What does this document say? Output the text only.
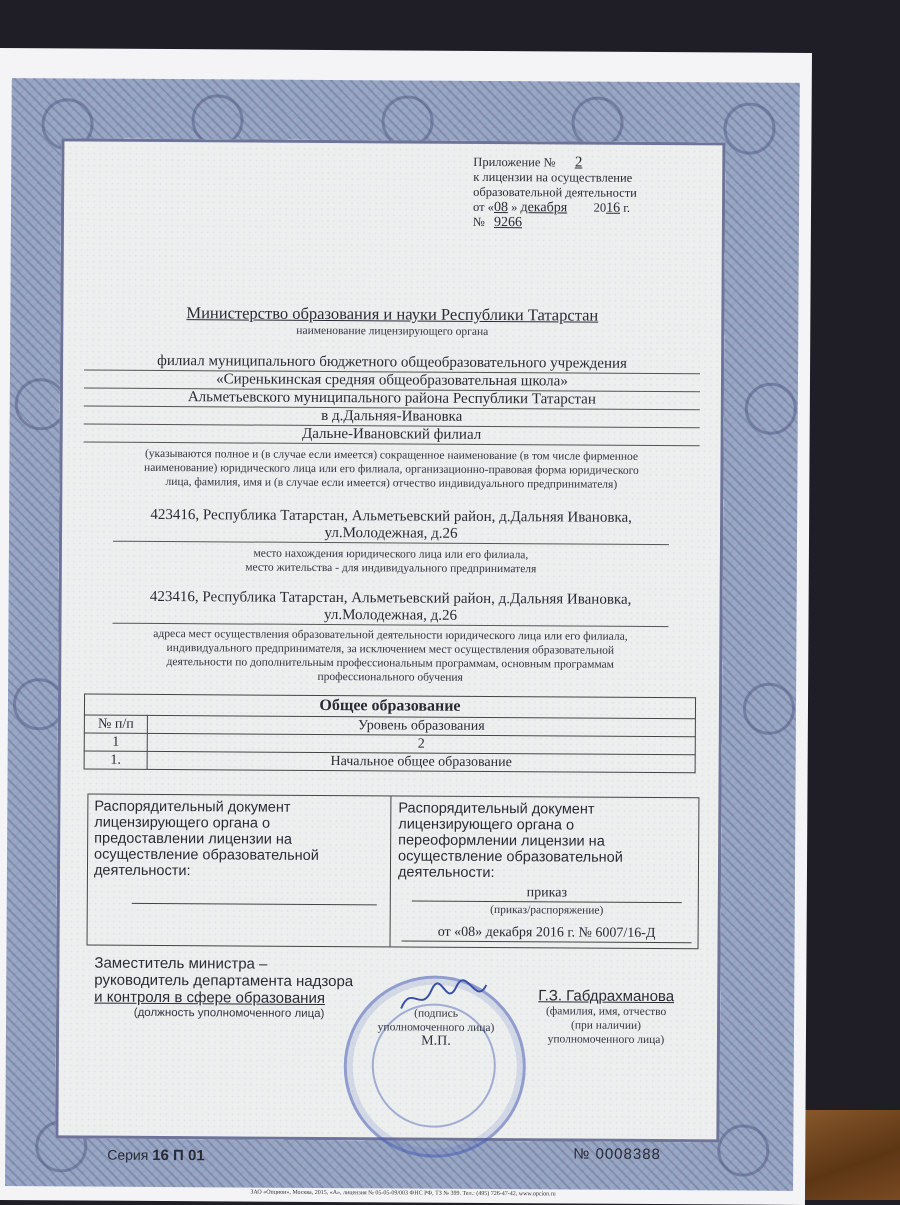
Приложение № 2
к лицензии на осуществление
образовательной деятельности
от «08 » декабря 2016 г.
№ 9266
Министерство образования и науки Республики Татарстан
наименование лицензирующего органа
филиал муниципального бюджетного общеобразовательного учреждения
«Сиренькинская средняя общеобразовательная школа»
Альметьевского муниципального района Республики Татарстан
в д.Дальняя-Ивановка
Дальне-Ивановский филиал
(указываются полное и (в случае если имеется) сокращенное наименование (в том числе фирменное
наименование) юридического лица или его филиала, организационно-правовая форма юридического
лица, фамилия, имя и (в случае если имеется) отчество индивидуального предпринимателя)
423416, Республика Татарстан, Альметьевский район, д.Дальняя Ивановка,
ул.Молодежная, д.26
место нахождения юридического лица или его филиала,
место жительства - для индивидуального предпринимателя
423416, Республика Татарстан, Альметьевский район, д.Дальняя Ивановка,
ул.Молодежная, д.26
адреса мест осуществления образовательной деятельности юридического лица или его филиала,
индивидуального предпринимателя, за исключением мест осуществления образовательной
деятельности по дополнительным профессиональным программам, основным программам
профессионального обучения
Общее образование	
№ п/п	Уровень образования
1	2
1.	Начальное общее образование
Распорядительный документ
лицензирующего органа о
предоставлении лицензии на
осуществление образовательной
деятельности:
Распорядительный документ
лицензирующего органа о
переоформлении лицензии на
осуществление образовательной
деятельности:
приказ
(приказ/распоряжение)
от «08» декабря 2016 г. № 6007/16-Д
Заместитель министра –
руководитель департамента надзора
и контроля в сфере образования
(должность уполномоченного лица)	(подпись
уполномоченного лица)
М.П.
Г.З. Габдрахманова
(фамилия, имя, отчество
(при наличии)
уполномоченного лица)
Серия 16 П 01	№ 0008388
ЗАО «Опцион», Москва, 2015, «А», лицензия № 05-05-09/003 ФНС РФ, ТЗ № 399. Тел.: (495) 726-47-42, www.opcion.ru
